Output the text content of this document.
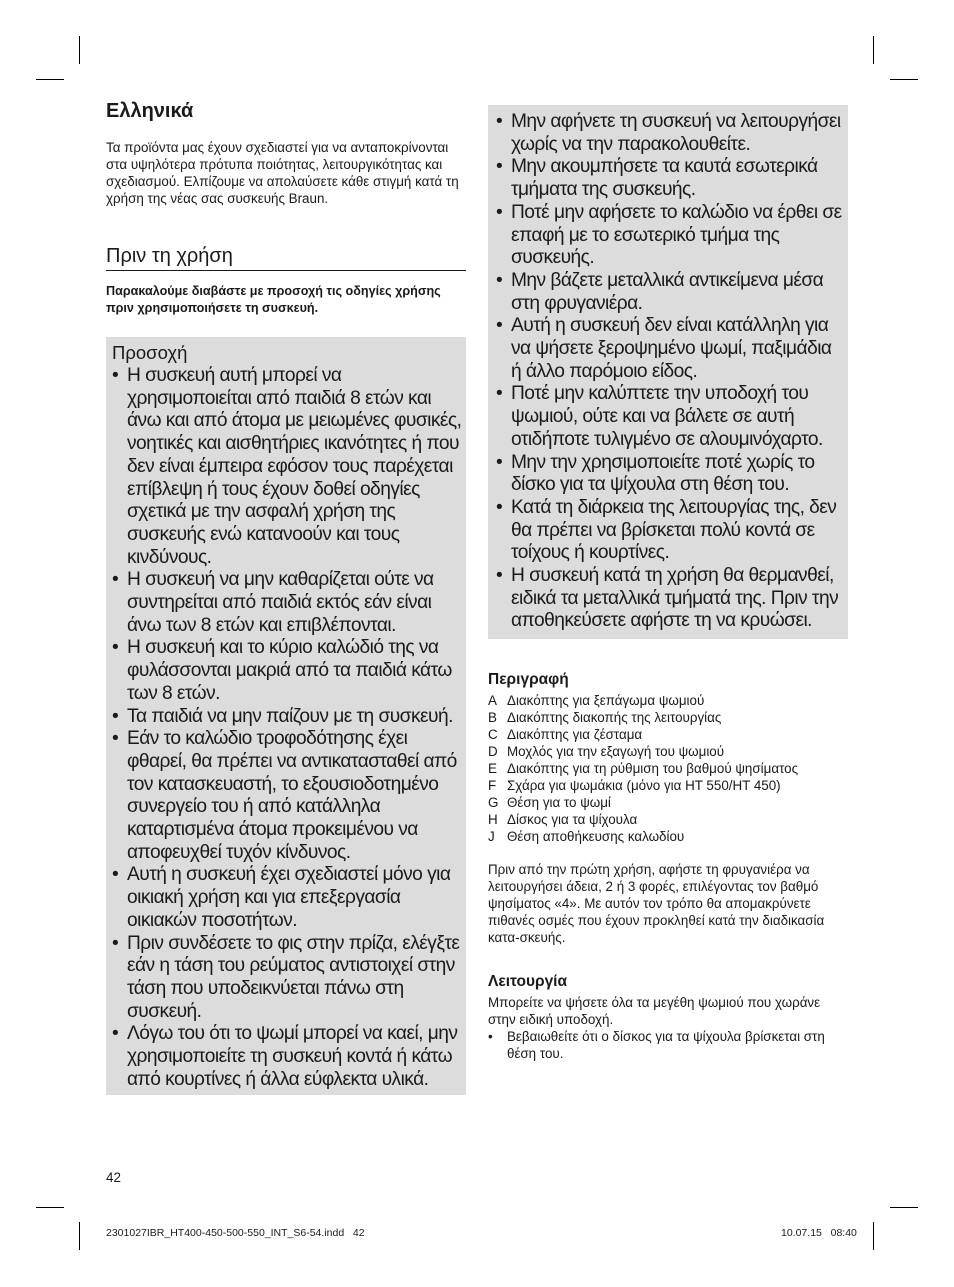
Ελληνικά

Τα προϊόντα μας έχουν σχεδιαστεί για να ανταποκρίνονται στα υψηλότερα πρότυπα ποιότητας, λειτουργικότητας και σχεδιασμού. Ελπίζουμε να απολαύσετε κάθε στιγμή κατά τη χρήση της νέας σας συσκευής Braun.

Πριν τη χρήση

Παρακαλούμε διαβάστε με προσοχή τις οδηγίες χρήσης πριν χρησιμοποιήσετε τη συσκευή.

Προσοχή
• Η συσκευή αυτή μπορεί να χρησιμοποιείται από παιδιά 8 ετών και άνω και από άτομα με μειωμένες φυσικές, νοητικές και αισθητήριες ικανότητες ή που δεν είναι έμπειρα εφόσον τους παρέχεται επίβλεψη ή τους έχουν δοθεί οδηγίες σχετικά με την ασφαλή χρήση της συσκευής ενώ κατανοούν και τους κινδύνους.
• Η συσκευή να μην καθαρίζεται ούτε να συντηρείται από παιδιά εκτός εάν είναι άνω των 8 ετών και επιβλέπονται.
• Η συσκευή και το κύριο καλώδιό της να φυλάσσονται μακριά από τα παιδιά κάτω των 8 ετών.
• Τα παιδιά να μην παίζουν με τη συσκευή.
• Εάν το καλώδιο τροφοδότησης έχει φθαρεί, θα πρέπει να αντικατασταθεί από τον κατασκευαστή, το εξουσιοδοτημένο συνεργείο του ή από κατάλληλα καταρτισμένα άτομα προκειμένου να αποφευχθεί τυχόν κίνδυνος.
• Αυτή η συσκευή έχει σχεδιαστεί μόνο για οικιακή χρήση και για επεξεργασία οικιακών ποσοτήτων.
• Πριν συνδέσετε το φις στην πρίζα, ελέγξτε εάν η τάση του ρεύματος αντιστοιχεί στην τάση που υποδεικνύεται πάνω στη συσκευή.
• Λόγω του ότι το ψωμί μπορεί να καεί, μην χρησιμοποιείτε τη συσκευή κοντά ή κάτω από κουρτίνες ή άλλα εύφλεκτα υλικά.
• Μην αφήνετε τη συσκευή να λειτουργήσει χωρίς να την παρακολουθείτε.
• Μην ακουμπήσετε τα καυτά εσωτερικά τμήματα της συσκευής.
• Ποτέ μην αφήσετε το καλώδιο να έρθει σε επαφή με το εσωτερικό τμήμα της συσκευής.
• Μην βάζετε μεταλλικά αντικείμενα μέσα στη φρυγανιέρα.
• Αυτή η συσκευή δεν είναι κατάλληλη για να ψήσετε ξεροψημένο ψωμί, παξιμάδια ή άλλο παρόμοιο είδος.
• Ποτέ μην καλύπτετε την υποδοχή του ψωμιού, ούτε και να βάλετε σε αυτή οτιδήποτε τυλιγμένο σε αλουμινόχαρτο.
• Μην την χρησιμοποιείτε ποτέ χωρίς το δίσκο για τα ψίχουλα στη θέση του.
• Κατά τη διάρκεια της λειτουργίας της, δεν θα πρέπει να βρίσκεται πολύ κοντά σε τοίχους ή κουρτίνες.
• Η συσκευή κατά τη χρήση θα θερμανθεί, ειδικά τα μεταλλικά τμήματά της. Πριν την αποθηκεύσετε αφήστε τη να κρυώσει.
Περιγραφή
A Διακόπτης για ξεπάγωμα ψωμιού
B Διακόπτης διακοπής της λειτουργίας
C Διακόπτης για ζέσταμα
D Μοχλός για την εξαγωγή του ψωμιού
E Διακόπτης για τη ρύθμιση του βαθμού ψησίματος
F Σχάρα για ψωμάκια (μόνο για HT 550/HT 450)
G Θέση για το ψωμί
H Δίσκος για τα ψίχουλα
J Θέση αποθήκευσης καλωδίου

Πριν από την πρώτη χρήση, αφήστε τη φρυγανιέρα να λειτουργήσει άδεια, 2 ή 3 φορές, επιλέγοντας τον βαθμό ψησίματος «4». Με αυτόν τον τρόπο θα απομακρύνετε πιθανές οσμές που έχουν προκληθεί κατά την διαδικασία κατα-σκευής.

Λειτουργία

Μπορείτε να ψήσετε όλα τα μεγέθη ψωμιού που χωράνε στην ειδική υποδοχή.

• Βεβαιωθείτε ότι ο δίσκος για τα ψίχουλα βρίσκεται στη θέση του.
42
2301027IBR_HT400-450-500-550_INT_S6-54.indd   42	10.07.15   08:40
